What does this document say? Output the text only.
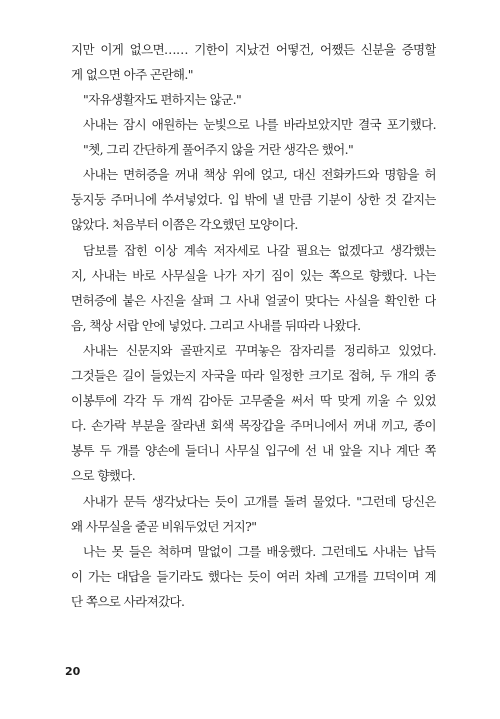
지만 이게 없으면…… 기한이 지났건 어떻건, 어쨌든 신분을 증명할
게 없으면 아주 곤란해."
"자유생활자도 편하지는 않군."
사내는 잠시 애원하는 눈빛으로 나를 바라보았지만 결국 포기했다.
"쳇, 그리 간단하게 풀어주지 않을 거란 생각은 했어."
사내는 면허증을 꺼내 책상 위에 얹고, 대신 전화카드와 명함을 허
둥지둥 주머니에 쑤셔넣었다. 입 밖에 낼 만큼 기분이 상한 것 같지는
않았다. 처음부터 이쯤은 각오했던 모양이다.
담보를 잡힌 이상 계속 저자세로 나갈 필요는 없겠다고 생각했는
지, 사내는 바로 사무실을 나가 자기 짐이 있는 쪽으로 향했다. 나는
면허증에 붙은 사진을 살펴 그 사내 얼굴이 맞다는 사실을 확인한 다
음, 책상 서랍 안에 넣었다. 그리고 사내를 뒤따라 나왔다.
사내는 신문지와 골판지로 꾸며놓은 잠자리를 정리하고 있었다.
그것들은 길이 들었는지 자국을 따라 일정한 크기로 접혀, 두 개의 종
이봉투에 각각 두 개씩 감아둔 고무줄을 써서 딱 맞게 끼울 수 있었
다. 손가락 부분을 잘라낸 회색 목장갑을 주머니에서 꺼내 끼고, 종이
봉투 두 개를 양손에 들더니 사무실 입구에 선 내 앞을 지나 계단 쪽
으로 향했다.
사내가 문득 생각났다는 듯이 고개를 돌려 물었다. "그런데 당신은
왜 사무실을 줄곧 비워두었던 거지?"
나는 못 들은 척하며 말없이 그를 배웅했다. 그런데도 사내는 납득
이 가는 대답을 들기라도 했다는 듯이 여러 차례 고개를 끄덕이며 계
단 쪽으로 사라져갔다.
20
